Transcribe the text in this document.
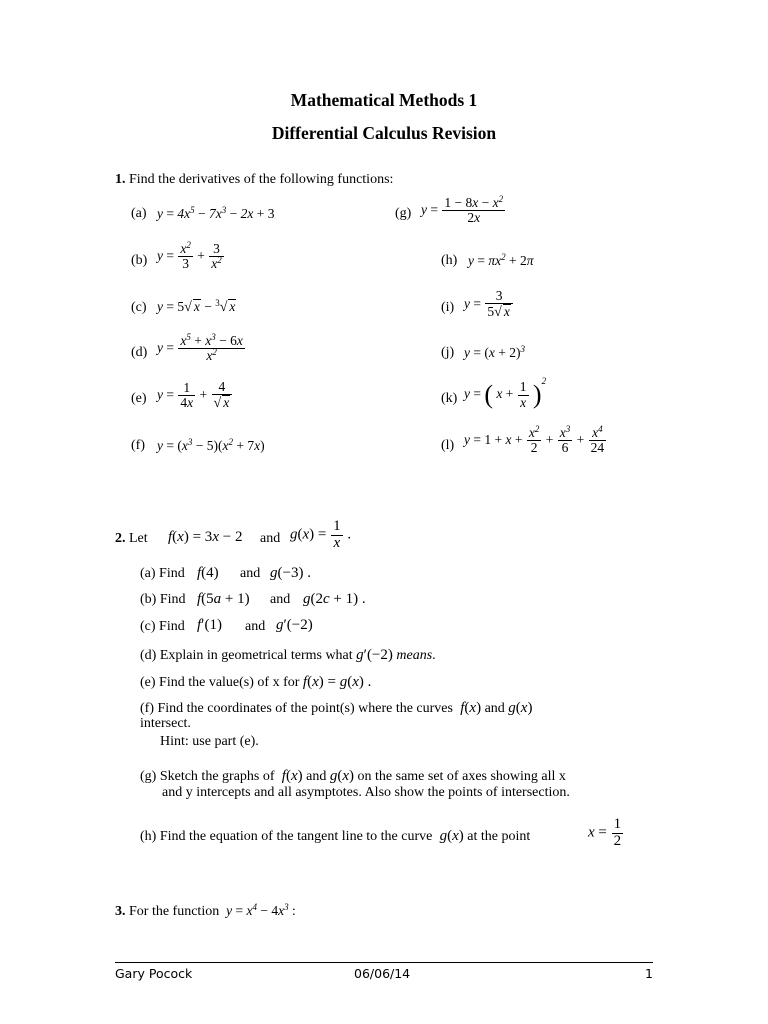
Mathematical Methods 1
Differential Calculus Revision
1. Find the derivatives of the following functions:
(a) $y = 4x^5 - 7x^3 - 2x + 3$
(b) $y = \frac{x^2}{3} + \frac{3}{x^2}$
(c) y = 5√ x − $^3$√ x
(d) $y = \frac{x^5 + x^3 - 6x}{x^2}$
(e) $y = \frac{1}{4x} + \frac{4}{√ x}$
(f) $y = (x^3 - 5)(x^2 + 7x)$
(g) $y = \frac{1 - 8x - x^2}{2x}$
(h) $y = \pi x^2 + 2\pi$
(i) $y = \frac{3}{5√ x}$
(j) $y = (x + 2)^3$
(k) y = ( $x + \frac{1}{x} )^2$
(l) $y = 1 + x + \frac{x^2}{2} + \frac{x^3}{6} + \frac{x^4}{24}$
2. Let f(x) = 3x − 2 and $g(x) = \frac{1}{x}$ .
(a) Find f(4) and g(−3) .
(b) Find f(5a + 1) and g(2c + 1) .
(c) Find f′(1) and g′(−2)
(d) Explain in geometrical terms what g′(−2) means.
(e) Find the value(s) of x for f(x) = g(x) .
(f) Find the coordinates of the point(s) where the curves  f(x) and g(x)
intersect.
Hint: use part (e).
(g) Sketch the graphs of  f(x) and g(x) on the same set of axes showing all x
and y intercepts and all asymptotes. Also show the points of intersection.
(h) Find the equation of the tangent line to the curve  g(x) at the point	$x = \frac{1}{2}$
3. For the function  $y = x^4 - 4x^3$ :
Gary Pocock	06/06/14	1
